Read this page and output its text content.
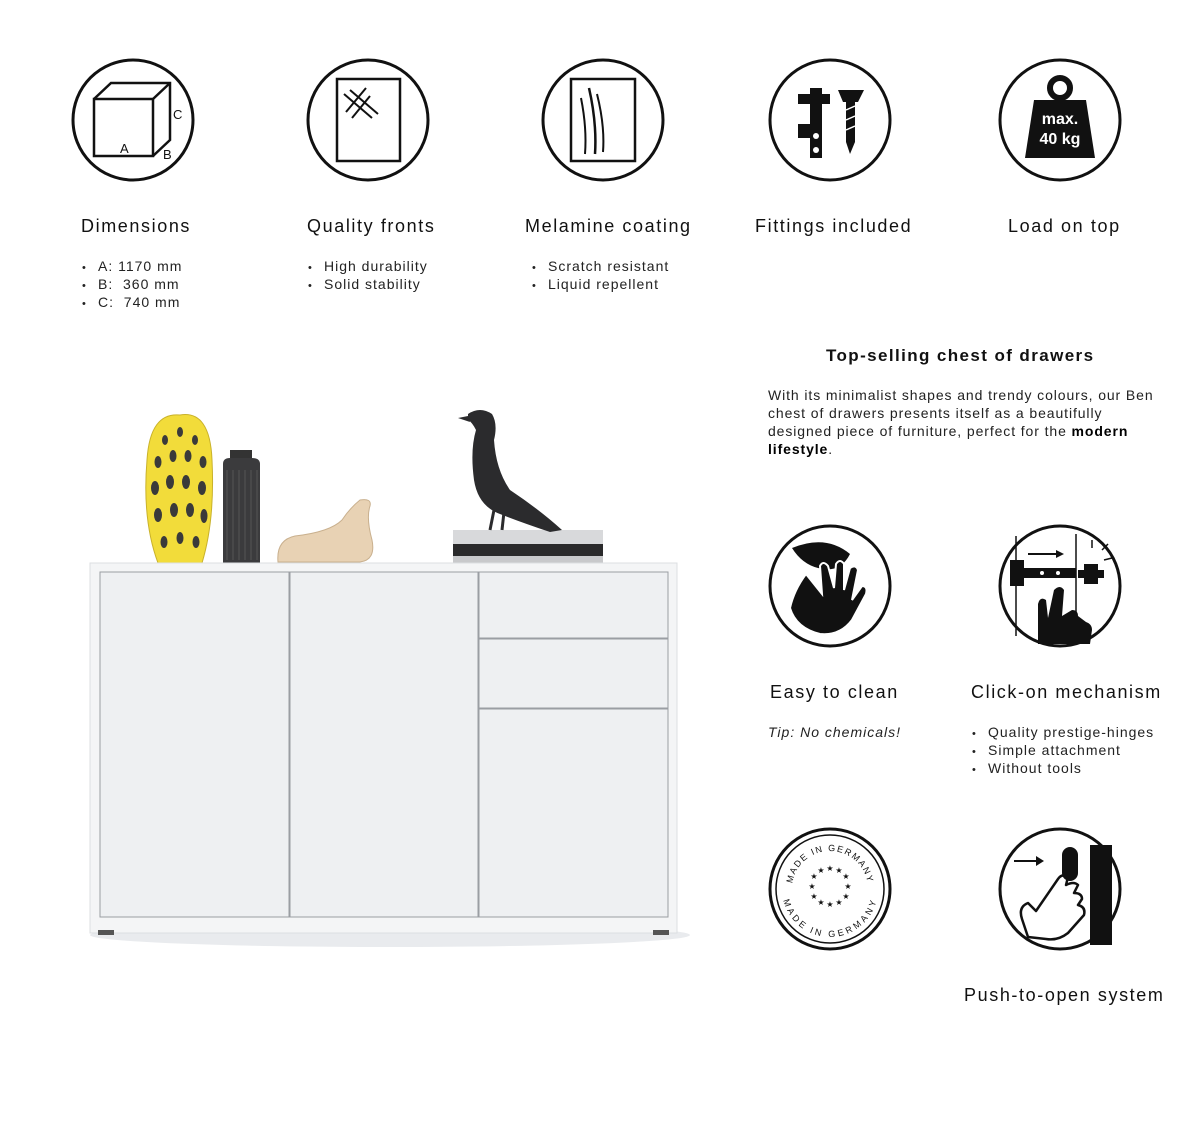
A	B
C	max.
40 kg
Dimensions	Quality fronts	Melamine coating	Fittings included	Load on top
• A: 1170 mm
• B:  360 mm
• C:  740 mm
• High durability
• Solid stability
• Scratch resistant
• Liquid repellent
Top-selling chest of drawers
With its minimalist shapes and trendy colours, our Ben chest of drawers presents itself as a beautifully designed piece of furniture, perfect for the modern lifestyle.
Easy to clean
Tip: No chemicals!
Click-on mechanism
• Quality prestige-hinges
• Simple attachment
• Without tools
MADE IN GERMANY
MADE IN GERMANY
★ ★
★
★
★
★
★
★
★
★
★
★
Push-to-open system
